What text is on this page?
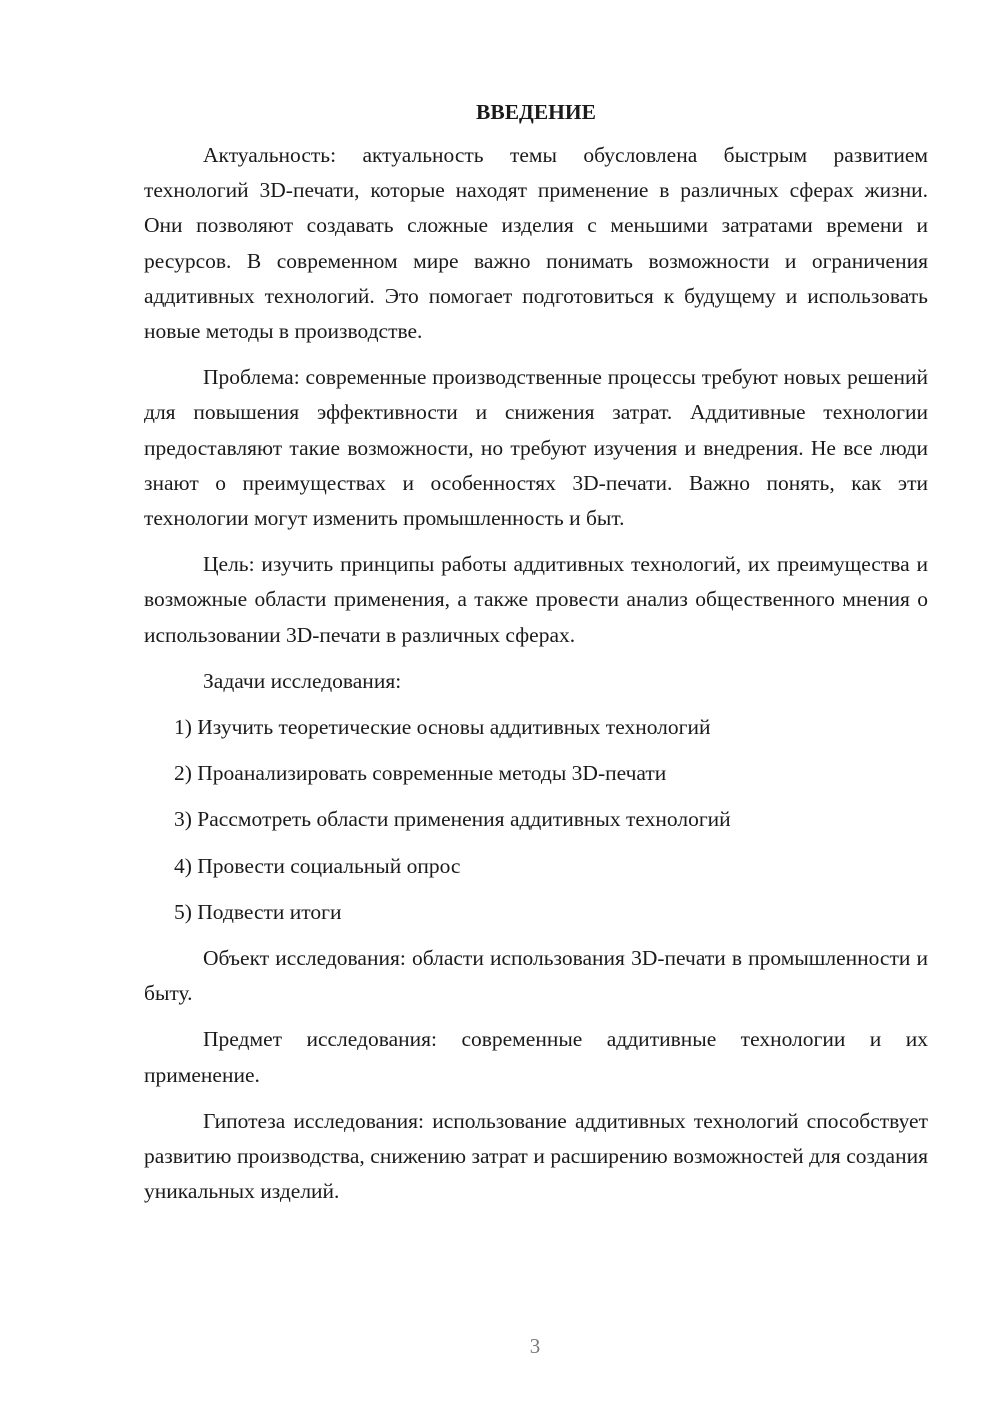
ВВЕДЕНИЕ

Актуальность: актуальность темы обусловлена быстрым развитием технологий 3D-печати, которые находят применение в различных сферах жизни. Они позволяют создавать сложные изделия с меньшими затратами времени и ресурсов. В современном мире важно понимать возможности и ограничения аддитивных технологий. Это помогает подготовиться к будущему и использовать новые методы в производстве.

Проблема: современные производственные процессы требуют новых решений для повышения эффективности и снижения затрат. Аддитивные технологии предоставляют такие возможности, но требуют изучения и внедрения. Не все люди знают о преимуществах и особенностях 3D-печати. Важно понять, как эти технологии могут изменить промышленность и быт.

Цель: изучить принципы работы аддитивных технологий, их преимущества и возможные области применения, а также провести анализ общественного мнения о использовании 3D-печати в различных сферах.

Задачи исследования:

1) Изучить теоретические основы аддитивных технологий

2) Проанализировать современные методы 3D-печати

3) Рассмотреть области применения аддитивных технологий

4) Провести социальный опрос

5) Подвести итоги

Объект исследования: области использования 3D-печати в промышленности и быту.

Предмет исследования: современные аддитивные технологии и их применение.

Гипотеза исследования: использование аддитивных технологий способствует развитию производства, снижению затрат и расширению возможностей для создания уникальных изделий.

3
